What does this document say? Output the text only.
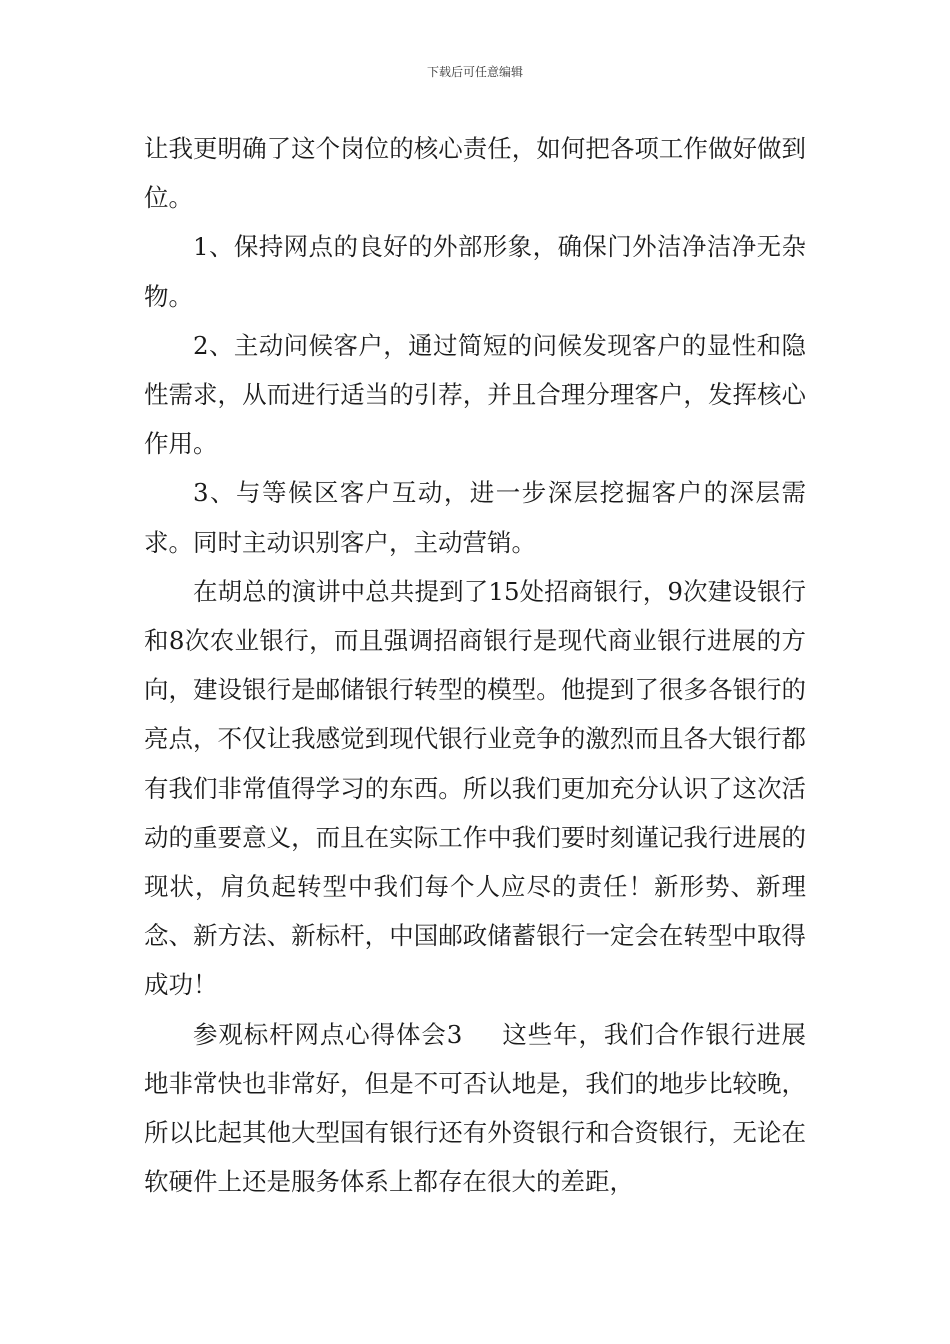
下载后可任意编辑

让我更明确了这个岗位的核心责任，如何把各项工作做好做到位。

1、保持网点的良好的外部形象，确保门外洁净洁净无杂物。

2、主动问候客户，通过简短的问候发现客户的显性和隐性需求，从而进行适当的引荐，并且合理分理客户，发挥核心作用。

3、与等候区客户互动，进一步深层挖掘客户的深层需求。同时主动识别客户，主动营销。

在胡总的演讲中总共提到了15处招商银行，9次建设银行和8次农业银行，而且强调招商银行是现代商业银行进展的方向，建设银行是邮储银行转型的模型。他提到了很多各银行的亮点，不仅让我感觉到现代银行业竞争的激烈而且各大银行都有我们非常值得学习的东西。所以我们更加充分认识了这次活动的重要意义，而且在实际工作中我们要时刻谨记我行进展的现状，肩负起转型中我们每个人应尽的责任！新形势、新理念、新方法、新标杆，中国邮政储蓄银行一定会在转型中取得成功！

参观标杆网点心得体会3 这些年，我们合作银行进展地非常快也非常好，但是不可否认地是，我们的地步比较晚，所以比起其他大型国有银行还有外资银行和合资银行，无论在软硬件上还是服务体系上都存在很大的差距，
